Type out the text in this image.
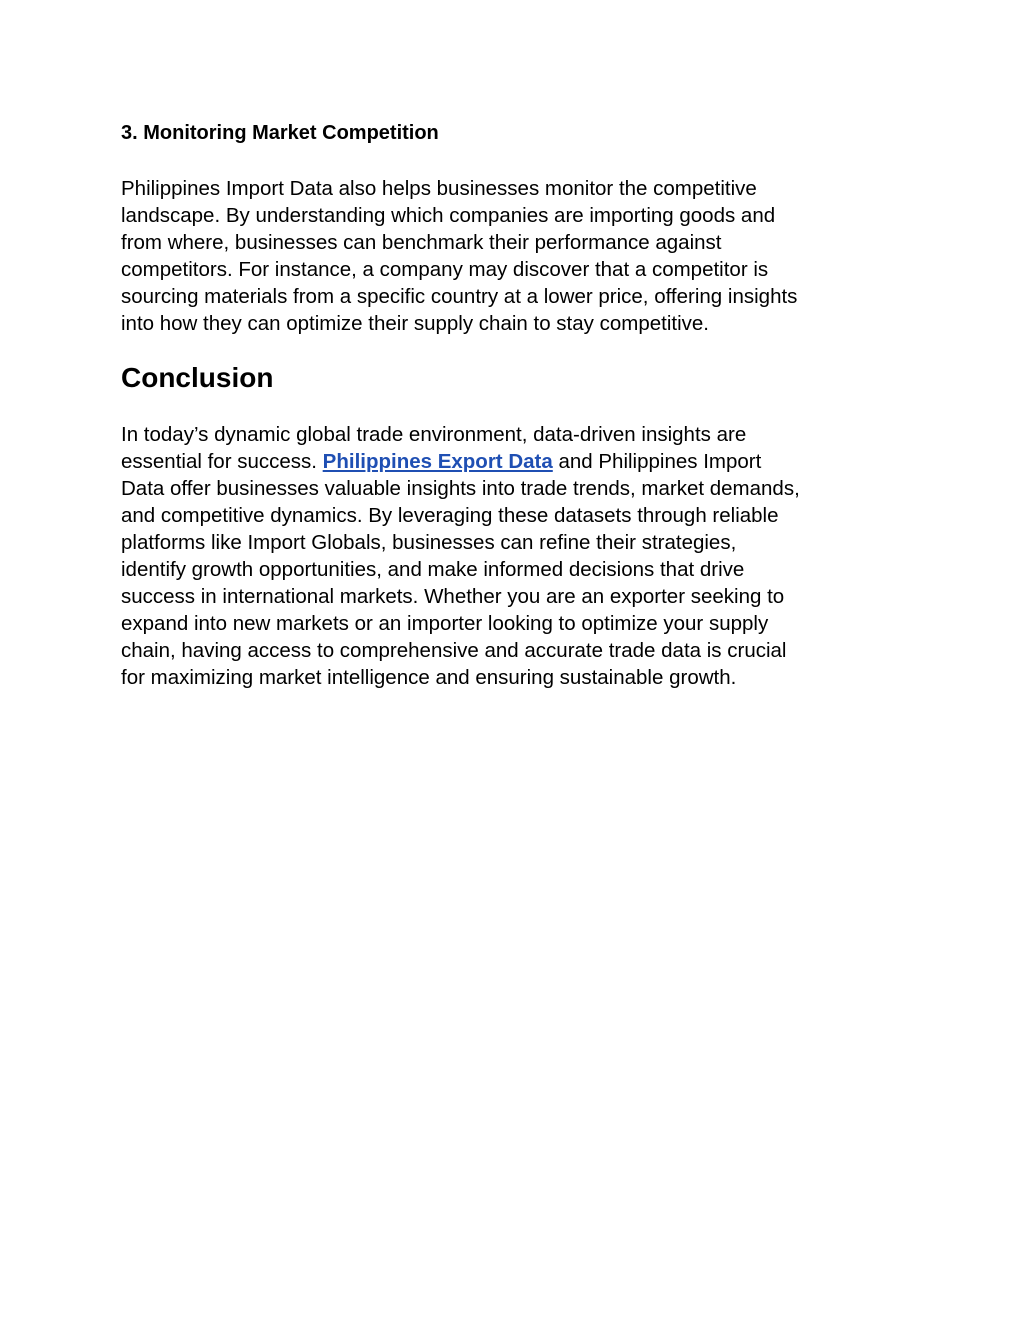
3. Monitoring Market Competition

Philippines Import Data also helps businesses monitor the competitive
landscape. By understanding which companies are importing goods and
from where, businesses can benchmark their performance against
competitors. For instance, a company may discover that a competitor is
sourcing materials from a specific country at a lower price, offering insights
into how they can optimize their supply chain to stay competitive.

Conclusion

In today’s dynamic global trade environment, data-driven insights are
essential for success. Philippines Export Data and Philippines Import
Data offer businesses valuable insights into trade trends, market demands,
and competitive dynamics. By leveraging these datasets through reliable
platforms like Import Globals, businesses can refine their strategies,
identify growth opportunities, and make informed decisions that drive
success in international markets. Whether you are an exporter seeking to
expand into new markets or an importer looking to optimize your supply
chain, having access to comprehensive and accurate trade data is crucial
for maximizing market intelligence and ensuring sustainable growth.
